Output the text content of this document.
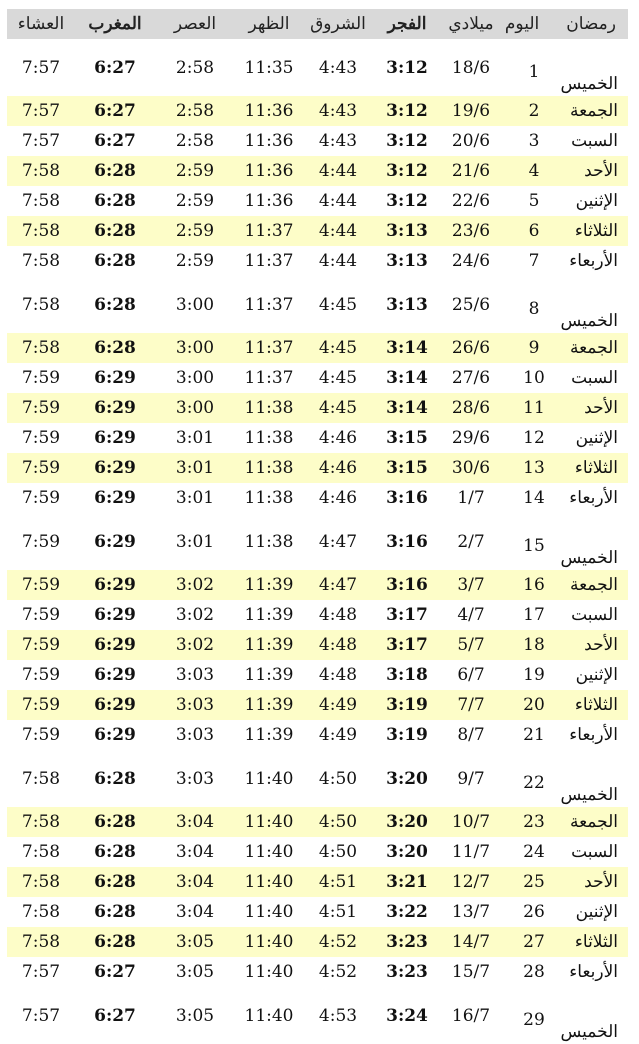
العشاء	المغرب	العصر	الظهر	الشروق	الفجر	ميلادي	رمضان     اليوم
7:57	6:27	2:58	11:35	4:43	3:12	18/6	1الخميس
7:57	6:27	2:58	11:36	4:43	3:12	19/6	2 الجمعة
7:57	6:27	2:58	11:36	4:43	3:12	20/6	3 السبت
7:58	6:28	2:59	11:36	4:44	3:12	21/6	4 الأحد
7:58	6:28	2:59	11:36	4:44	3:12	22/6	5 الإثنين
7:58	6:28	2:59	11:37	4:44	3:13	23/6	6 الثلاثاء
7:58	6:28	2:59	11:37	4:44	3:13	24/6	7 الأربعاء
7:58	6:28	3:00	11:37	4:45	3:13	25/6	8الخميس
7:58	6:28	3:00	11:37	4:45	3:14	26/6	9 الجمعة
7:59	6:29	3:00	11:37	4:45	3:14	27/6	10 السبت
7:59	6:29	3:00	11:38	4:45	3:14	28/6	11 الأحد
7:59	6:29	3:01	11:38	4:46	3:15	29/6	12 الإثنين
7:59	6:29	3:01	11:38	4:46	3:15	30/6	13 الثلاثاء
7:59	6:29	3:01	11:38	4:46	3:16	1/7	14 الأربعاء
7:59	6:29	3:01	11:38	4:47	3:16	2/7	15الخميس
7:59	6:29	3:02	11:39	4:47	3:16	3/7	16 الجمعة
7:59	6:29	3:02	11:39	4:48	3:17	4/7	17 السبت
7:59	6:29	3:02	11:39	4:48	3:17	5/7	18 الأحد
7:59	6:29	3:03	11:39	4:48	3:18	6/7	19 الإثنين
7:59	6:29	3:03	11:39	4:49	3:19	7/7	20 الثلاثاء
7:59	6:29	3:03	11:39	4:49	3:19	8/7	21 الأربعاء
7:58	6:28	3:03	11:40	4:50	3:20	9/7	22الخميس
7:58	6:28	3:04	11:40	4:50	3:20	10/7	23 الجمعة
7:58	6:28	3:04	11:40	4:50	3:20	11/7	24 السبت
7:58	6:28	3:04	11:40	4:51	3:21	12/7	25 الأحد
7:58	6:28	3:04	11:40	4:51	3:22	13/7	26 الإثنين
7:58	6:28	3:05	11:40	4:52	3:23	14/7	27 الثلاثاء
7:57	6:27	3:05	11:40	4:52	3:23	15/7	28 الأربعاء
7:57	6:27	3:05	11:40	4:53	3:24	16/7	29الخميس
